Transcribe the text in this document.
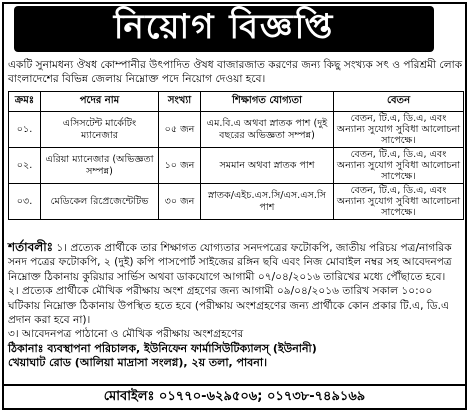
নিয়োগ বিজ্ঞপ্তি
একটি সুনামধন্য ঔষধ কোম্পানীর উৎপাদিত ঔষধ বাজারজাত করণের জন্য কিছু সংখ্যক সৎ ও পরিশ্রমী লোক বাংলাদেশের বিভিন্ন জেলায় নিম্নোক্ত পদে নিয়োগ দেওয়া হবে।
ক্রমঃ	পদের নাম	সংখ্যা	শিক্ষাগত যোগ্যতা	বেতন
০১.	এসিসটেন্ট মার্কেটিং ম্যানেজার	০৫ জন	এম.বি.এ অথবা স্নাতক পাশ (দুই বছরের অভিজ্ঞতা সম্পন্ন)	বেতন, টি.এ, ডি.এ, এবং অন্যান্য সুযোগ সুবিধা আলোচনা সাপেক্ষে।
০২.	এরিয়া ম্যানেজার (অভিজ্ঞতা সম্পন্ন)	১০ জন	সমমান অথবা স্নাতক পাশ	বেতন, টি.এ, ডি.এ, এবং অন্যান্য সুযোগ সুবিধা আলোচনা সাপেক্ষে।
০৩.	মেডিকেল রিপ্রেজেন্টেটিভ	৩০ জন	স্নাতক/এইচ.এস.সি/এস.এস.সি পাশ	বেতন, টি.এ, ডি.এ, এবং অন্যান্য সুযোগ সুবিধা আলোচনা সাপেক্ষে।
শর্তাবলীঃ ১। প্রত্যেক প্রার্থীকে তার শিক্ষাগত যোগ্যতার সনদপত্রের ফটোকপি, জাতীয় পরিচয় পত্র/নাগরিক সনদ পত্রের ফটোকপি, ২ (দুই) কপি পাসপোর্ট সাইজের রঙ্গিন ছবি এবং নিজ মোবাইল নম্বর সহ আবেদনপত্র নিম্নোক্ত ঠিকানায় কুরিয়ার সার্ভিস অথবা ডাকযোগে আগামী ০৭/০৪/২০১৬ তারিখের মধ্যে পৌঁছাতে হবে।
২। প্রত্যেক প্রার্থীকে মৌখিক পরীক্ষায় অংশ গ্রহণের জন্য আগামী ০৯/০৪/২০১৬ তারিখ সকাল ১০:০০ ঘটিকায় নিম্নোক্ত ঠিকানায় উপস্থিত হতে হবে (পরীক্ষায় অংশগ্রহণের জন্য প্রার্থীকে কোন প্রকার টি.এ, ডি.এ প্রদান করা হবে না)।
৩। আবেদনপত্র পাঠানো ও মৌখিক পরীক্ষায় অংশগ্রহণের
ঠিকানাঃ ব্যবস্থাপনা পরিচালক, ইউনিফেন ফার্মাসিউটিক্যালস্ (ইউনানী)
খেয়াঘাট রোড (আলিয়া মাদ্রাসা সংলগ্ন), ২য় তলা, পাবনা।
মোবাইলঃ ০১৭৭০-৬২৯৫০৬; ০১৭৩৮-৭৪৯১৬৯
